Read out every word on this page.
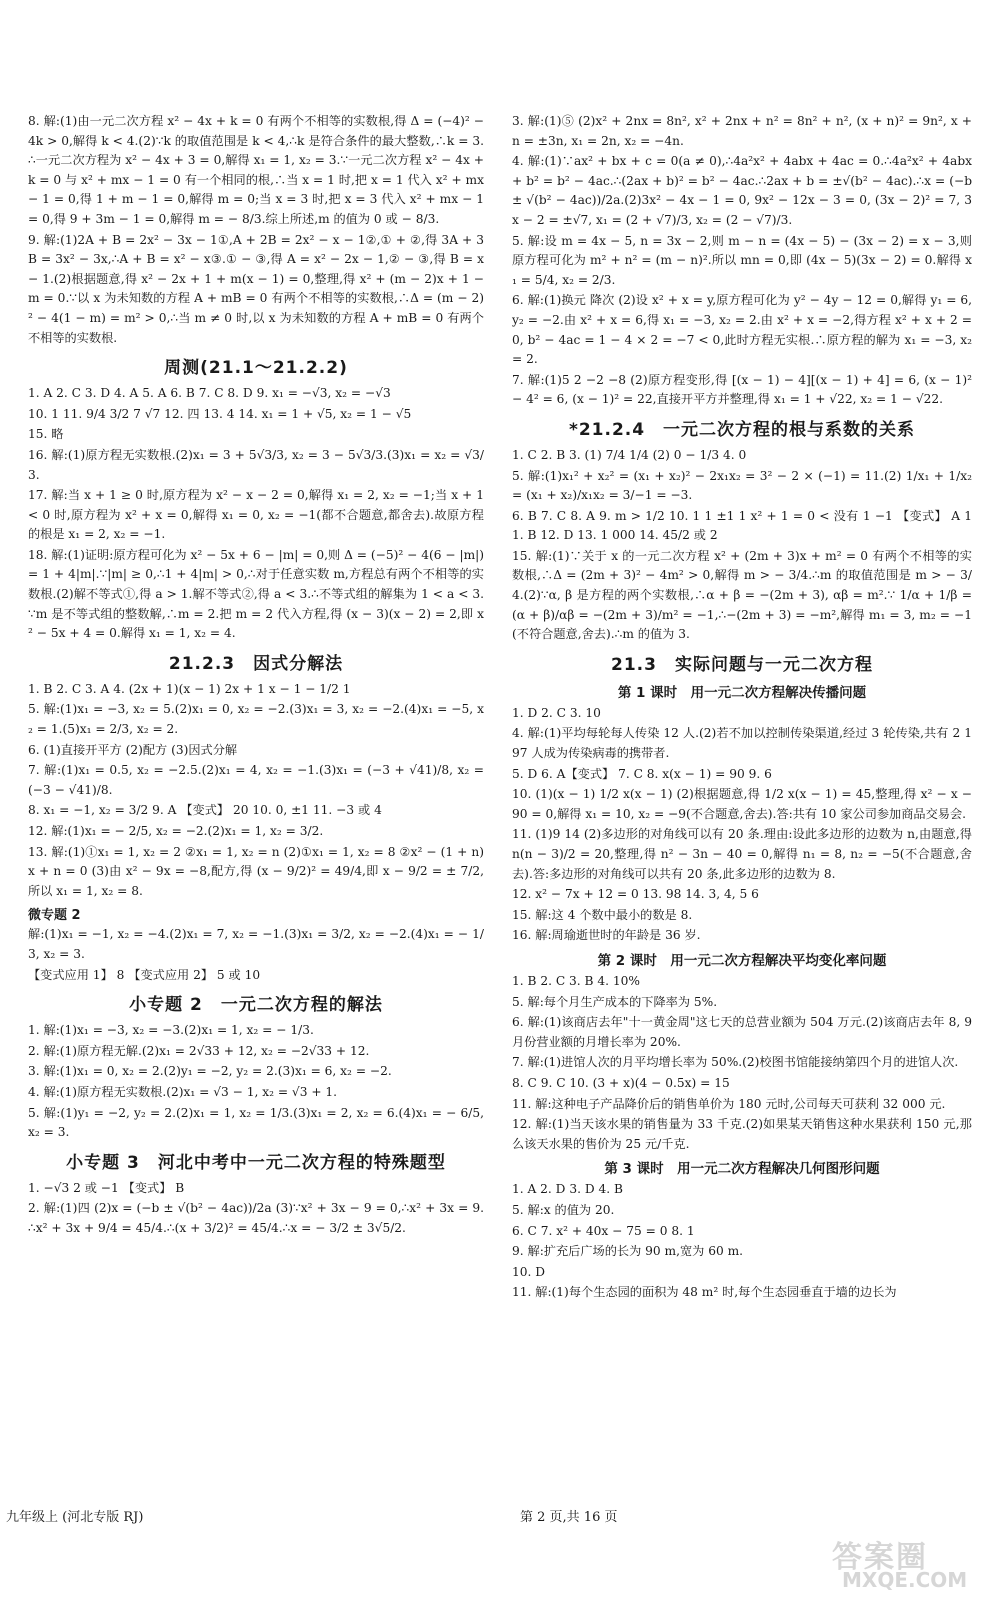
8. 解:(1)由一元二次方程 x² − 4x + k = 0 有两个不相等的实数根,得 Δ = (−4)² − 4k > 0,解得 k < 4.(2)∵k 的取值范围是 k < 4,∴k 是符合条件的最大整数,∴k = 3.∴一元二次方程为 x² − 4x + 3 = 0,解得 x₁ = 1, x₂ = 3.∵一元二次方程 x² − 4x + k = 0 与 x² + mx − 1 = 0 有一个相同的根,∴当 x = 1 时,把 x = 1 代入 x² + mx − 1 = 0,得 1 + m − 1 = 0,解得 m = 0;当 x = 3 时,把 x = 3 代入 x² + mx − 1 = 0,得 9 + 3m − 1 = 0,解得 m = − 8/3.综上所述,m 的值为 0 或 − 8/3.

9. 解:(1)2A + B = 2x² − 3x − 1①,A + 2B = 2x² − x − 1②,① + ②,得 3A + 3B = 3x² − 3x,∴A + B = x² − x③.① − ③,得 A = x² − 2x − 1,② − ③,得 B = x − 1.(2)根据题意,得 x² − 2x + 1 + m(x − 1) = 0,整理,得 x² + (m − 2)x + 1 − m = 0.∵以 x 为未知数的方程 A + mB = 0 有两个不相等的实数根,∴Δ = (m − 2)² − 4(1 − m) = m² > 0,∴当 m ≠ 0 时,以 x 为未知数的方程 A + mB = 0 有两个不相等的实数根.

周测(21.1～21.2.2)

1. A 2. C 3. D 4. A 5. A 6. B 7. C 8. D 9. x₁ = −√3, x₂ = −√3

10. 1 11. 9/4 3/2 7 √7 12. 四 13. 4 14. x₁ = 1 + √5, x₂ = 1 − √5

15. 略

16. 解:(1)原方程无实数根.(2)x₁ = 3 + 5√3/3, x₂ = 3 − 5√3/3.(3)x₁ = x₂ = √3/3.

17. 解:当 x + 1 ≥ 0 时,原方程为 x² − x − 2 = 0,解得 x₁ = 2, x₂ = −1;当 x + 1 < 0 时,原方程为 x² + x = 0,解得 x₁ = 0, x₂ = −1(都不合题意,都舍去).故原方程的根是 x₁ = 2, x₂ = −1.

18. 解:(1)证明:原方程可化为 x² − 5x + 6 − |m| = 0,则 Δ = (−5)² − 4(6 − |m|) = 1 + 4|m|.∵|m| ≥ 0,∴1 + 4|m| > 0,∴对于任意实数 m,方程总有两个不相等的实数根.(2)解不等式①,得 a > 1.解不等式②,得 a < 3.∴不等式组的解集为 1 < a < 3.∵m 是不等式组的整数解,∴m = 2.把 m = 2 代入方程,得 (x − 3)(x − 2) = 2,即 x² − 5x + 4 = 0.解得 x₁ = 1, x₂ = 4.

21.2.3　因式分解法

1. B 2. C 3. A 4. (2x + 1)(x − 1) 2x + 1 x − 1 − 1/2 1

5. 解:(1)x₁ = −3, x₂ = 5.(2)x₁ = 0, x₂ = −2.(3)x₁ = 3, x₂ = −2.(4)x₁ = −5, x₂ = 1.(5)x₁ = 2/3, x₂ = 2.

6. (1)直接开平方 (2)配方 (3)因式分解

7. 解:(1)x₁ = 0.5, x₂ = −2.5.(2)x₁ = 4, x₂ = −1.(3)x₁ = (−3 + √41)/8, x₂ = (−3 − √41)/8.

8. x₁ = −1, x₂ = 3/2 9. A 【变式】 20 10. 0, ±1 11. −3 或 4

12. 解:(1)x₁ = − 2/5, x₂ = −2.(2)x₁ = 1, x₂ = 3/2.

13. 解:(1)①x₁ = 1, x₂ = 2 ②x₁ = 1, x₂ = n (2)①x₁ = 1, x₂ = 8 ②x² − (1 + n)x + n = 0 (3)由 x² − 9x = −8,配方,得 (x − 9/2)² = 49/4,即 x − 9/2 = ± 7/2,所以 x₁ = 1, x₂ = 8.

微专题 2

解:(1)x₁ = −1, x₂ = −4.(2)x₁ = 7, x₂ = −1.(3)x₁ = 3/2, x₂ = −2.(4)x₁ = − 1/3, x₂ = 3.

【变式应用 1】 8 【变式应用 2】 5 或 10

小专题 2　一元二次方程的解法

1. 解:(1)x₁ = −3, x₂ = −3.(2)x₁ = 1, x₂ = − 1/3.

2. 解:(1)原方程无解.(2)x₁ = 2√33 + 12, x₂ = −2√33 + 12.

3. 解:(1)x₁ = 0, x₂ = 2.(2)y₁ = −2, y₂ = 2.(3)x₁ = 6, x₂ = −2.

4. 解:(1)原方程无实数根.(2)x₁ = √3 − 1, x₂ = √3 + 1.

5. 解:(1)y₁ = −2, y₂ = 2.(2)x₁ = 1, x₂ = 1/3.(3)x₁ = 2, x₂ = 6.(4)x₁ = − 6/5, x₂ = 3.

小专题 3　河北中考中一元二次方程的特殊题型

1. −√3 2 或 −1 【变式】 B

2. 解:(1)四 (2)x = (−b ± √(b² − 4ac))/2a (3)∵x² + 3x − 9 = 0,∴x² + 3x = 9.∴x² + 3x + 9/4 = 45/4.∴(x + 3/2)² = 45/4.∴x = − 3/2 ± 3√5/2.

3. 解:(1)⑤ (2)x² + 2nx = 8n², x² + 2nx + n² = 8n² + n², (x + n)² = 9n², x + n = ±3n, x₁ = 2n, x₂ = −4n.

4. 解:(1)∵ax² + bx + c = 0(a ≠ 0),∴4a²x² + 4abx + 4ac = 0.∴4a²x² + 4abx + b² = b² − 4ac.∴(2ax + b)² = b² − 4ac.∴2ax + b = ±√(b² − 4ac).∴x = (−b ± √(b² − 4ac))/2a.(2)3x² − 4x − 1 = 0, 9x² − 12x − 3 = 0, (3x − 2)² = 7, 3x − 2 = ±√7, x₁ = (2 + √7)/3, x₂ = (2 − √7)/3.

5. 解:设 m = 4x − 5, n = 3x − 2,则 m − n = (4x − 5) − (3x − 2) = x − 3,则原方程可化为 m² + n² = (m − n)².所以 mn = 0,即 (4x − 5)(3x − 2) = 0.解得 x₁ = 5/4, x₂ = 2/3.

6. 解:(1)换元 降次 (2)设 x² + x = y,原方程可化为 y² − 4y − 12 = 0,解得 y₁ = 6, y₂ = −2.由 x² + x = 6,得 x₁ = −3, x₂ = 2.由 x² + x = −2,得方程 x² + x + 2 = 0, b² − 4ac = 1 − 4 × 2 = −7 < 0,此时方程无实根.∴原方程的解为 x₁ = −3, x₂ = 2.

7. 解:(1)5 2 −2 −8 (2)原方程变形,得 [(x − 1) − 4][(x − 1) + 4] = 6, (x − 1)² − 4² = 6, (x − 1)² = 22,直接开平方并整理,得 x₁ = 1 + √22, x₂ = 1 − √22.

*21.2.4　一元二次方程的根与系数的关系

1. C 2. B 3. (1) 7/4 1/4 (2) 0 − 1/3 4. 0

5. 解:(1)x₁² + x₂² = (x₁ + x₂)² − 2x₁x₂ = 3² − 2 × (−1) = 11.(2) 1/x₁ + 1/x₂ = (x₁ + x₂)/x₁x₂ = 3/−1 = −3.

6. B 7. C 8. A 9. m > 1/2 10. 1 1 ±1 1 x² + 1 = 0 < 没有 1 −1 【变式】 A 11. B 12. D 13. 1 000 14. 45/2 或 2

15. 解:(1)∵关于 x 的一元二次方程 x² + (2m + 3)x + m² = 0 有两个不相等的实数根,∴Δ = (2m + 3)² − 4m² > 0,解得 m > − 3/4.∴m 的取值范围是 m > − 3/4.(2)∵α, β 是方程的两个实数根,∴α + β = −(2m + 3), αβ = m².∵ 1/α + 1/β = (α + β)/αβ = −(2m + 3)/m² = −1,∴−(2m + 3) = −m²,解得 m₁ = 3, m₂ = −1(不符合题意,舍去).∴m 的值为 3.

21.3　实际问题与一元二次方程
第 1 课时　用一元二次方程解决传播问题

1. D 2. C 3. 10

4. 解:(1)平均每轮每人传染 12 人.(2)若不加以控制传染渠道,经过 3 轮传染,共有 2 197 人成为传染病毒的携带者.

5. D 6. A【变式】 7. C 8. x(x − 1) = 90 9. 6

10. (1)(x − 1) 1/2 x(x − 1) (2)根据题意,得 1/2 x(x − 1) = 45,整理,得 x² − x − 90 = 0,解得 x₁ = 10, x₂ = −9(不合题意,舍去).答:共有 10 家公司参加商品交易会.

11. (1)9 14 (2)多边形的对角线可以有 20 条.理由:设此多边形的边数为 n,由题意,得 n(n − 3)/2 = 20,整理,得 n² − 3n − 40 = 0,解得 n₁ = 8, n₂ = −5(不合题意,舍去).答:多边形的对角线可以共有 20 条,此多边形的边数为 8.

12. x² − 7x + 12 = 0 13. 98 14. 3, 4, 5 6

15. 解:这 4 个数中最小的数是 8.

16. 解:周瑜逝世时的年龄是 36 岁.

第 2 课时　用一元二次方程解决平均变化率问题

1. B 2. C 3. B 4. 10%

5. 解:每个月生产成本的下降率为 5%.

6. 解:(1)该商店去年"十一黄金周"这七天的总营业额为 504 万元.(2)该商店去年 8, 9 月份营业额的月增长率为 20%.

7. 解:(1)进馆人次的月平均增长率为 50%.(2)校图书馆能接纳第四个月的进馆人次.

8. C 9. C 10. (3 + x)(4 − 0.5x) = 15

11. 解:这种电子产品降价后的销售单价为 180 元时,公司每天可获利 32 000 元.

12. 解:(1)当天该水果的销售量为 33 千克.(2)如果某天销售这种水果获利 150 元,那么该天水果的售价为 25 元/千克.

第 3 课时　用一元二次方程解决几何图形问题

1. A 2. D 3. D 4. B

5. 解:x 的值为 20.

6. C 7. x² + 40x − 75 = 0 8. 1

9. 解:扩充后广场的长为 90 m,宽为 60 m.

10. D

11. 解:(1)每个生态园的面积为 48 m² 时,每个生态园垂直于墙的边长为

九年级上 (河北专版 RJ)	第 2 页,共 16 页
答案圈
MXQE.COM
